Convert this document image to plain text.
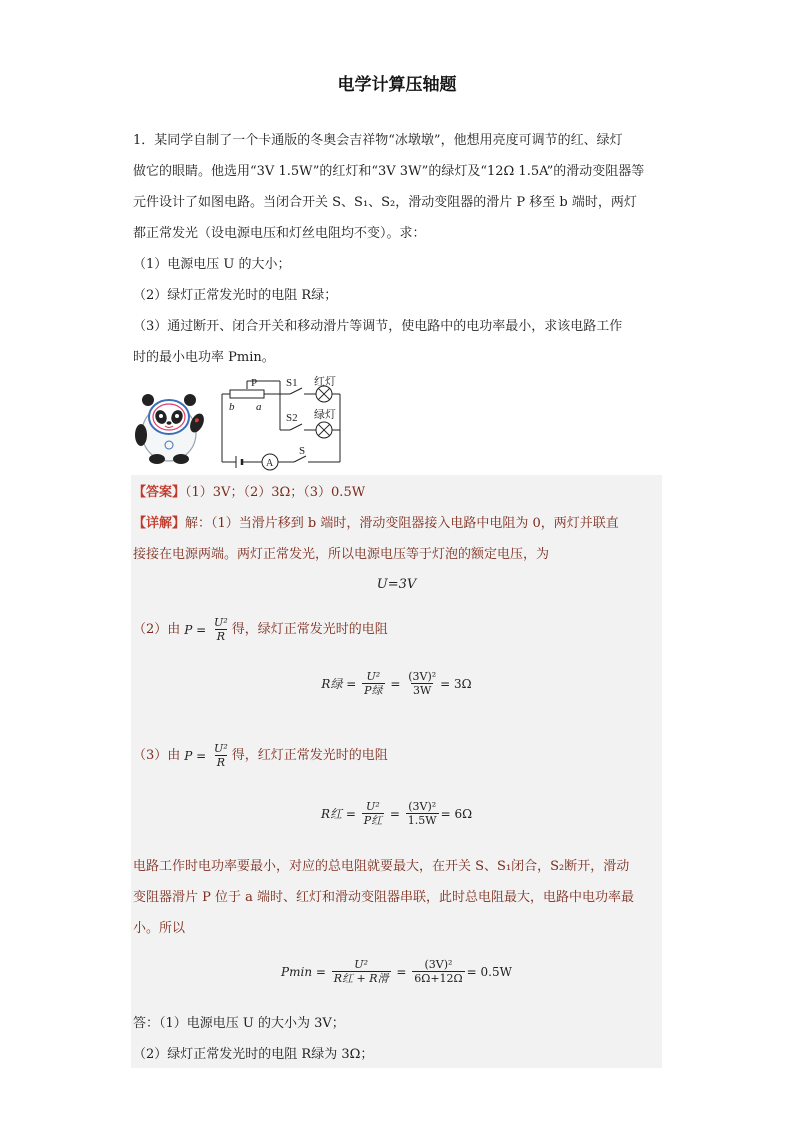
电学计算压轴题
1．某同学自制了一个卡通版的冬奥会吉祥物“冰墩墩”，他想用亮度可调节的红、绿灯
做它的眼睛。他选用“3V 1.5W”的红灯和“3V 3W”的绿灯及“12Ω 1.5A”的滑动变阻器等
元件设计了如图电路。当闭合开关 S、S₁、S₂，滑动变阻器的滑片 P 移至 b 端时，两灯
都正常发光（设电源电压和灯丝电阻均不变）。求：
（1）电源电压 U 的大小；
（2）绿灯正常发光时的电阻 R绿；
（3）通过断开、闭合开关和移动滑片等调节，使电路中的电功率最小，求该电路工作
时的最小电功率 Pmin。
P	S1 红灯
b a
S2 绿灯
A
S
【答案】（1）3V；（2）3Ω；（3）0.5W
【详解】解：（1）当滑片移到 b 端时，滑动变阻器接入电路中电阻为 0，两灯并联直
接接在电源两端。两灯正常发光，所以电源电压等于灯泡的额定电压，为
U=3V
（2）由 $P = \frac{\text{U²}}{R}$ 得，绿灯正常发光时的电阻
R绿 = $\frac{\text{U²}}{\text{P绿}} = \frac{\text{(3V)²}}{3W} = 3\Omega$
（3）由 $P = \frac{\text{U²}}{R}$ 得，红灯正常发光时的电阻
R红 = $\frac{\text{U²}}{\text{P红}} = \frac{\text{(3V)²}}{1.5W} = 6\Omega$
电路工作时电功率要最小，对应的总电阻就要最大，在开关 S、S₁闭合，S₂断开，滑动
变阻器滑片 P 位于 a 端时、红灯和滑动变阻器串联，此时总电阻最大，电路中电功率最
小。所以
$Pmin = \frac{\text{U²}}{\text{R红 + R滑}} = \frac{\text{(3V)²}}{6\Omega+12\Omega} = 0.5W$
答：（1）电源电压 U 的大小为 3V；
（2）绿灯正常发光时的电阻 R绿为 3Ω；
